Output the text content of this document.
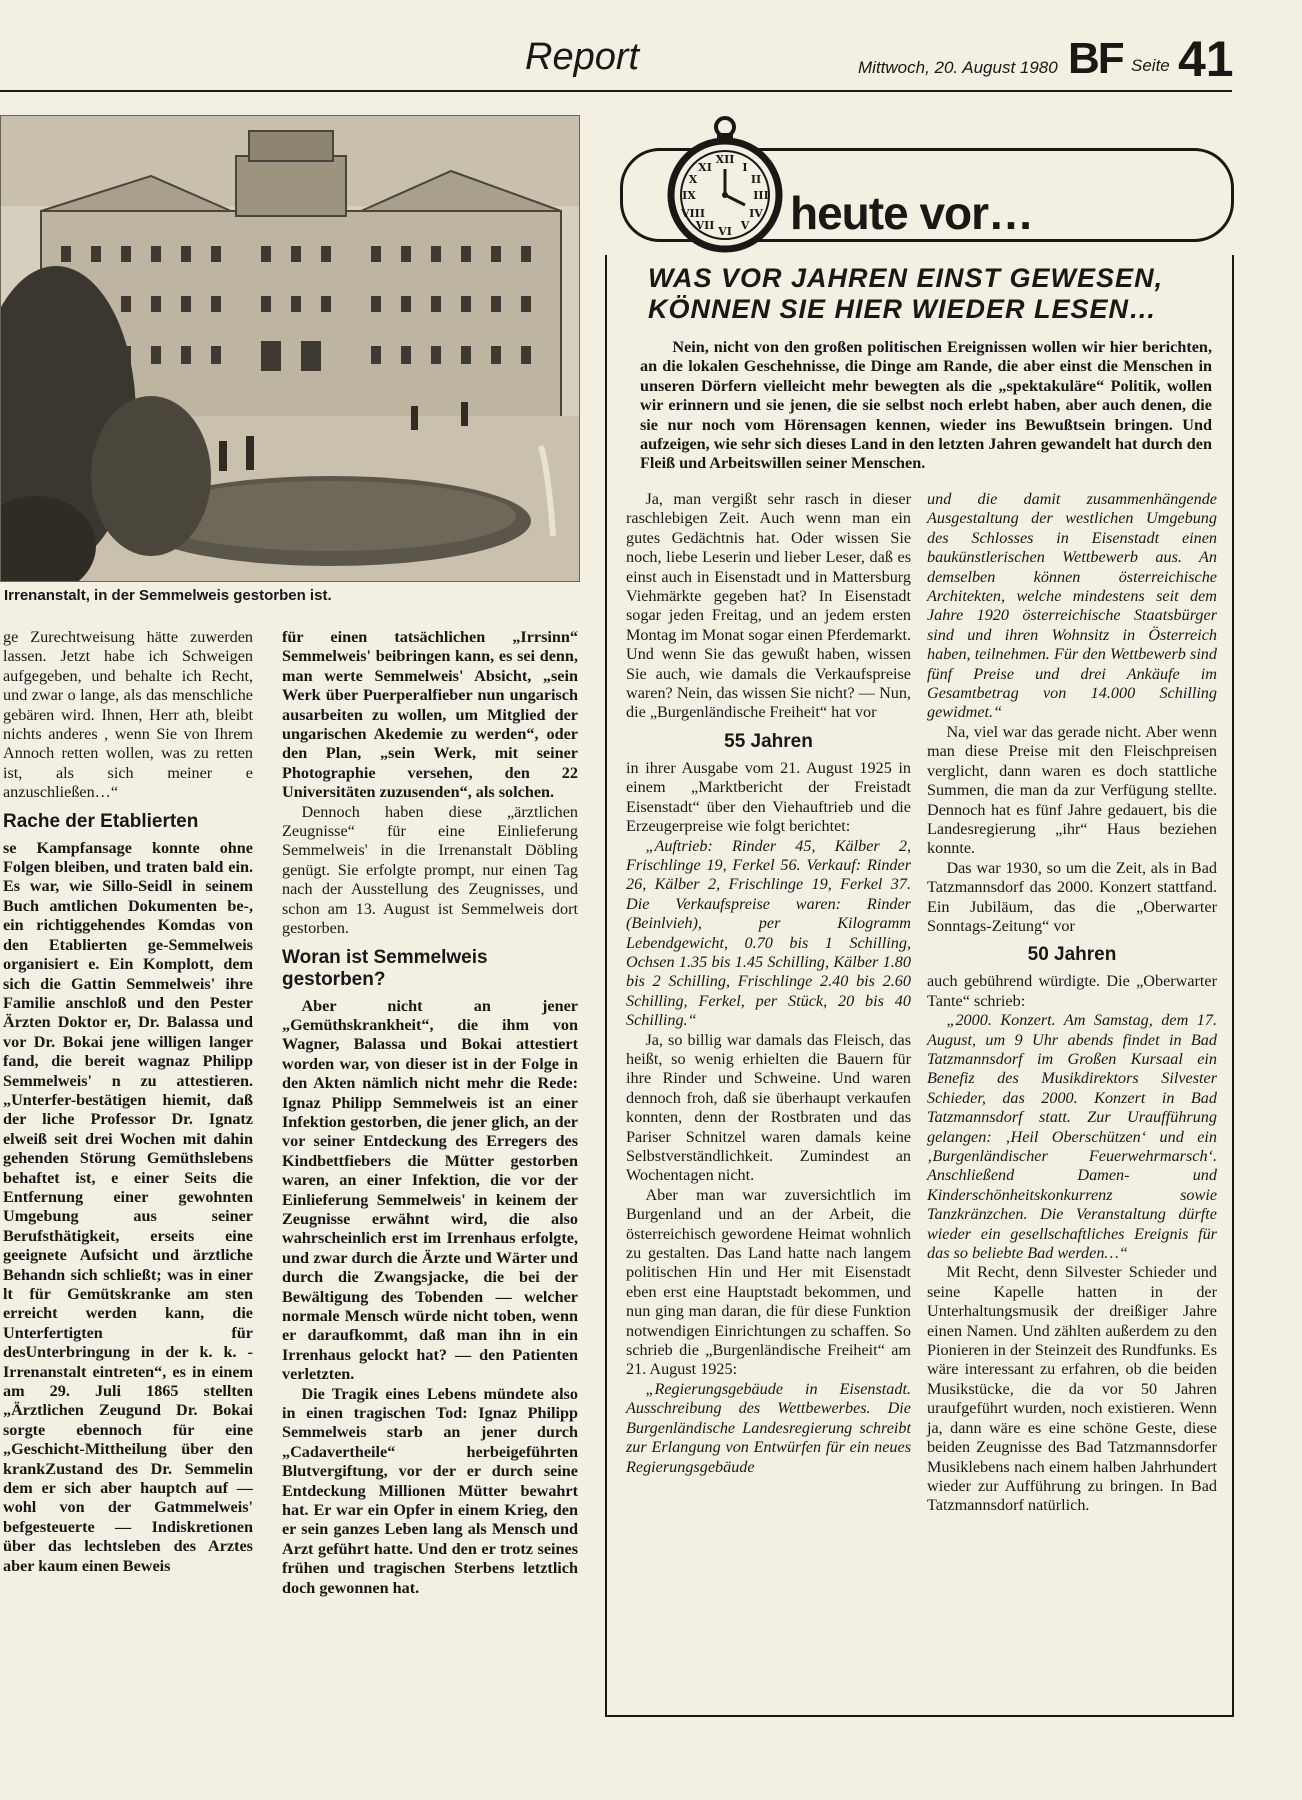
Report	Mittwoch, 20. August 1980 BF Seite 41
Irrenanstalt, in der Semmelweis gestorben ist.

ge Zurechtweisung hätte zuwerden lassen. Jetzt habe ich Schweigen aufgegeben, und behalte ich Recht, und zwar o lange, als das menschliche gebären wird. Ihnen, Herr ath, bleibt nichts anderes , wenn Sie von Ihrem Annoch retten wollen, was zu retten ist, als sich meiner e anzuschließen…“

Rache der Etablierten

se Kampfansage konnte ohne Folgen bleiben, und traten bald ein. Es war, wie Sillo-Seidl in seinem Buch amtlichen Dokumenten be-, ein richtiggehendes Komdas von den Etablierten ge-Semmelweis organisiert e. Ein Komplott, dem sich die Gattin Semmelweis' ihre Familie anschloß und den Pester Ärzten Doktor er, Dr. Balassa und vor Dr. Bokai jene willigen langer fand, die bereit wagnaz Philipp Semmelweis' n zu attestieren. „Unterfer-bestätigen hiemit, daß der liche Professor Dr. Ignatz elweiß seit drei Wochen mit dahin gehenden Störung Gemüthslebens behaftet ist, e einer Seits die Entfernung einer gewohnten Umgebung aus seiner Berufsthätigkeit, erseits eine geeignete Aufsicht und ärztliche Behandn sich schließt; was in einer lt für Gemütskranke am sten erreicht werden kann, die Unterfertigten für desUnterbringung in der k. k. -Irrenanstalt eintreten“, es in einem am 29. Juli 1865 stellten „Ärztlichen Zeugund Dr. Bokai sorgte ebennoch für eine „Geschicht-Mittheilung über den krankZustand des Dr. Semmelin dem er sich aber hauptch auf — wohl von der Gatmmelweis' befgesteuerte — Indiskretionen über das lechtsleben des Arztes aber kaum einen Beweis

für einen tatsächlichen „Irrsinn“ Semmelweis' beibringen kann, es sei denn, man werte Semmelweis' Absicht, „sein Werk über Puerperalfieber nun ungarisch ausarbeiten zu wollen, um Mitglied der ungarischen Akedemie zu werden“, oder den Plan, „sein Werk, mit seiner Photographie versehen, den 22 Universitäten zuzusenden“, als solchen.

Dennoch haben diese „ärztlichen Zeugnisse“ für eine Einlieferung Semmelweis' in die Irrenanstalt Döbling genügt. Sie erfolgte prompt, nur einen Tag nach der Ausstellung des Zeugnisses, und schon am 13. August ist Semmelweis dort gestorben.

Woran ist Semmelweis gestorben?

Aber nicht an jener „Gemüthskrankheit“, die ihm von Wagner, Balassa und Bokai attestiert worden war, von dieser ist in der Folge in den Akten nämlich nicht mehr die Rede: Ignaz Philipp Semmelweis ist an einer Infektion gestorben, die jener glich, an der vor seiner Entdeckung des Erregers des Kindbettfiebers die Mütter gestorben waren, an einer Infektion, die vor der Einlieferung Semmelweis' in keinem der Zeugnisse erwähnt wird, die also wahrscheinlich erst im Irrenhaus erfolgte, und zwar durch die Ärzte und Wärter und durch die Zwangsjacke, die bei der Bewältigung des Tobenden — welcher normale Mensch würde nicht toben, wenn er daraufkommt, daß man ihn in ein Irrenhaus gelockt hat? — den Patienten verletzten.

Die Tragik eines Lebens mündete also in einen tragischen Tod: Ignaz Philipp Semmelweis starb an jener durch „Cadavertheile“ herbeigeführten Blutvergiftung, vor der er durch seine Entdeckung Millionen Mütter bewahrt hat. Er war ein Opfer in einem Krieg, den er sein ganzes Leben lang als Mensch und Arzt geführt hatte. Und den er trotz seines frühen und tragischen Sterbens letztlich doch gewonnen hat.

XII
III
VI
IX
I
II
IV
V
VII
VIII
X
XI
heute vor…
WAS VOR JAHREN EINST GEWESEN,
KÖNNEN SIE HIER WIEDER LESEN…
Nein, nicht von den großen politischen Ereignissen wollen wir hier berichten, an die lokalen Geschehnisse, die Dinge am Rande, die aber einst die Menschen in unseren Dörfern vielleicht mehr bewegten als die „spektakuläre“ Politik, wollen wir erinnern und sie jenen, die sie selbst noch erlebt haben, aber auch denen, die sie nur noch vom Hörensagen kennen, wieder ins Bewußtsein bringen. Und aufzeigen, wie sehr sich dieses Land in den letzten Jahren gewandelt hat durch den Fleiß und Arbeitswillen seiner Menschen.

Ja, man vergißt sehr rasch in dieser raschlebigen Zeit. Auch wenn man ein gutes Gedächtnis hat. Oder wissen Sie noch, liebe Leserin und lieber Leser, daß es einst auch in Eisenstadt und in Mattersburg Viehmärkte gegeben hat? In Eisenstadt sogar jeden Freitag, und an jedem ersten Montag im Monat sogar einen Pferdemarkt. Und wenn Sie das gewußt haben, wissen Sie auch, wie damals die Verkaufspreise waren? Nein, das wissen Sie nicht? — Nun, die „Burgenländische Freiheit“ hat vor

55 Jahren

in ihrer Ausgabe vom 21. August 1925 in einem „Marktbericht der Freistadt Eisenstadt“ über den Viehauftrieb und die Erzeugerpreise wie folgt berichtet:

„Auftrieb: Rinder 45, Kälber 2, Frischlinge 19, Ferkel 56. Verkauf: Rinder 26, Kälber 2, Frischlinge 19, Ferkel 37. Die Verkaufspreise waren: Rinder (Beinlvieh), per Kilogramm Lebendgewicht, 0.70 bis 1 Schilling, Ochsen 1.35 bis 1.45 Schilling, Kälber 1.80 bis 2 Schilling, Frischlinge 2.40 bis 2.60 Schilling, Ferkel, per Stück, 20 bis 40 Schilling.“

Ja, so billig war damals das Fleisch, das heißt, so wenig erhielten die Bauern für ihre Rinder und Schweine. Und waren dennoch froh, daß sie überhaupt verkaufen konnten, denn der Rostbraten und das Pariser Schnitzel waren damals keine Selbstverständlichkeit. Zumindest an Wochentagen nicht.

Aber man war zuversichtlich im Burgenland und an der Arbeit, die österreichisch gewordene Heimat wohnlich zu gestalten. Das Land hatte nach langem politischen Hin und Her mit Eisenstadt eben erst eine Hauptstadt bekommen, und nun ging man daran, die für diese Funktion notwendigen Einrichtungen zu schaffen. So schrieb die „Burgenländische Freiheit“ am 21. August 1925:

„Regierungsgebäude in Eisenstadt. Ausschreibung des Wettbewerbes. Die Burgenländische Landesregierung schreibt zur Erlangung von Entwürfen für ein neues Regierungsgebäude

und die damit zusammenhängende Ausgestaltung der westlichen Umgebung des Schlosses in Eisenstadt einen baukünstlerischen Wettbewerb aus. An demselben können österreichische Architekten, welche mindestens seit dem Jahre 1920 österreichische Staatsbürger sind und ihren Wohnsitz in Österreich haben, teilnehmen. Für den Wettbewerb sind fünf Preise und drei Ankäufe im Gesamtbetrag von 14.000 Schilling gewidmet.“

Na, viel war das gerade nicht. Aber wenn man diese Preise mit den Fleischpreisen verglicht, dann waren es doch stattliche Summen, die man da zur Verfügung stellte. Dennoch hat es fünf Jahre gedauert, bis die Landesregierung „ihr“ Haus beziehen konnte.

Das war 1930, so um die Zeit, als in Bad Tatzmannsdorf das 2000. Konzert stattfand. Ein Jubiläum, das die „Oberwarter Sonntags-Zeitung“ vor

50 Jahren

auch gebührend würdigte. Die „Oberwarter Tante“ schrieb:

„2000. Konzert. Am Samstag, dem 17. August, um 9 Uhr abends findet in Bad Tatzmannsdorf im Großen Kursaal ein Benefiz des Musikdirektors Silvester Schieder, das 2000. Konzert in Bad Tatzmannsdorf statt. Zur Uraufführung gelangen: ‚Heil Oberschützen‘ und ein ‚Burgenländischer Feuerwehrmarsch‘. Anschließend Damen- und Kinderschönheitskonkurrenz sowie Tanzkränzchen. Die Veranstaltung dürfte wieder ein gesellschaftliches Ereignis für das so beliebte Bad werden…“

Mit Recht, denn Silvester Schieder und seine Kapelle hatten in der Unterhaltungsmusik der dreißiger Jahre einen Namen. Und zählten außerdem zu den Pionieren in der Steinzeit des Rundfunks. Es wäre interessant zu erfahren, ob die beiden Musikstücke, die da vor 50 Jahren uraufgeführt wurden, noch existieren. Wenn ja, dann wäre es eine schöne Geste, diese beiden Zeugnisse des Bad Tatzmannsdorfer Musiklebens nach einem halben Jahrhundert wieder zur Aufführung zu bringen. In Bad Tatzmannsdorf natürlich.
